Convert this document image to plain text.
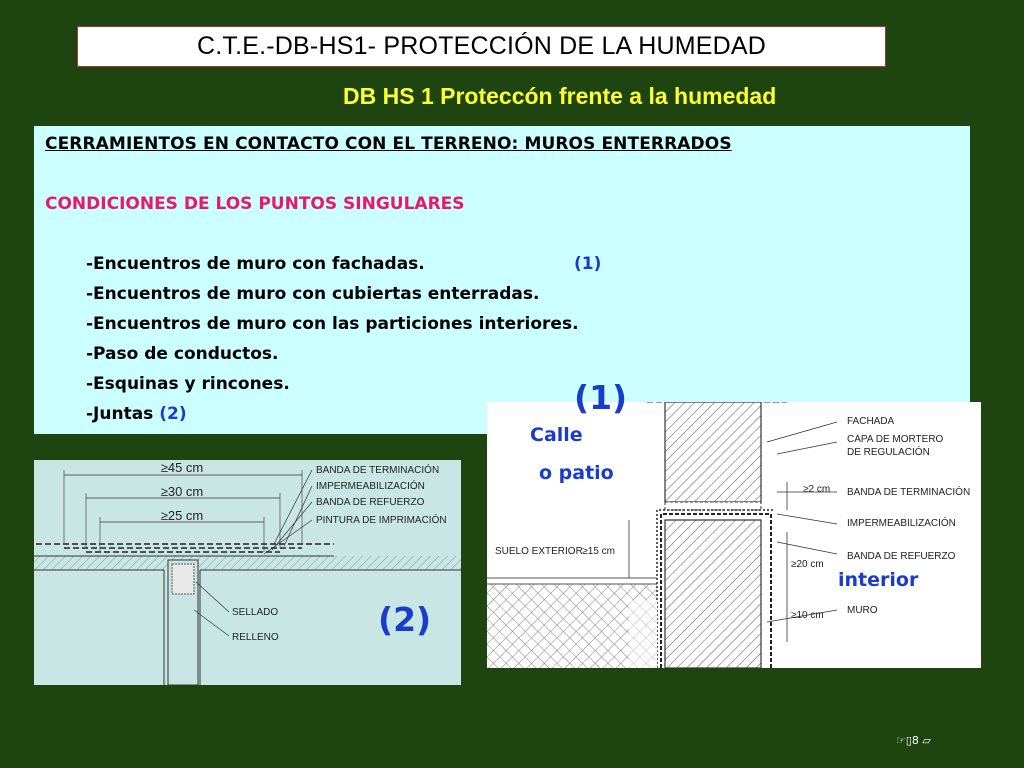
C.T.E.-DB-HS1- PROTECCIÓN DE LA HUMEDAD
DB HS 1 Proteccón frente a la humedad
CERRAMIENTOS EN CONTACTO CON EL TERRENO: MUROS ENTERRADOS
CONDICIONES DE LOS PUNTOS SINGULARES
-Encuentros de muro con fachadas.	(1)
-Encuentros de muro con cubiertas enterradas.
-Encuentros de muro con las particiones interiores.
-Paso de conductos.
-Esquinas y rincones.
-Juntas (2)	FACHADA
CAPA DE MORTERO
DE REGULACIÓN
BANDA DE TERMINACIÓN
IMPERMEABILIZACIÓN
BANDA DE REFUERZO
MURO
SUELO EXTERIOR
≥2 cm
≥15 cm
≥20 cm
≥10 cm
(1)
Calle
o patio
interior
≥45 cm
≥30 cm
≥25 cm
BANDA DE TERMINACIÓN
IMPERMEABILIZACIÓN
BANDA DE REFUERZO
PINTURA DE IMPRIMACIÓN
SELLADO
RELLENO	(2)
☞▯8 ▱
